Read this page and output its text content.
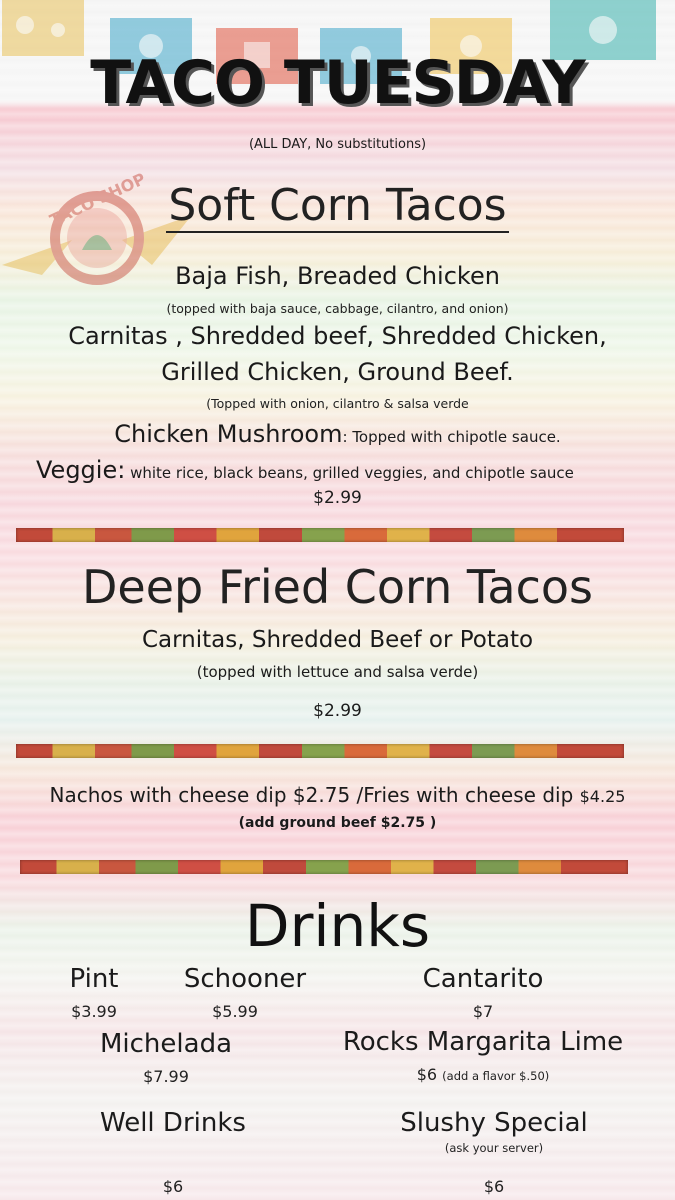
TACO SHOP
TACO TUESDAY
(ALL DAY, No substitutions)
Soft Corn Tacos
Baja Fish, Breaded Chicken
(topped with baja sauce, cabbage, cilantro, and onion)
Carnitas , Shredded beef, Shredded Chicken,
Grilled Chicken, Ground Beef.
(Topped with onion, cilantro & salsa verde
Chicken Mushroom: Topped with chipotle sauce.
Veggie: white rice, black beans, grilled veggies, and chipotle sauce
$2.99
Deep Fried Corn Tacos
Carnitas, Shredded Beef or Potato
(topped with lettuce and salsa verde)
$2.99
Nachos with cheese dip $2.75 /Fries with cheese dip $4.25
(add ground beef $2.75 )
Drinks
Pint
$3.99
Schooner
$5.99
Cantarito
$7
Michelada
$7.99
Rocks Margarita Lime
$6 (add a flavor $.50)
Well Drinks
$6
Slushy Special
(ask your server)
$6
